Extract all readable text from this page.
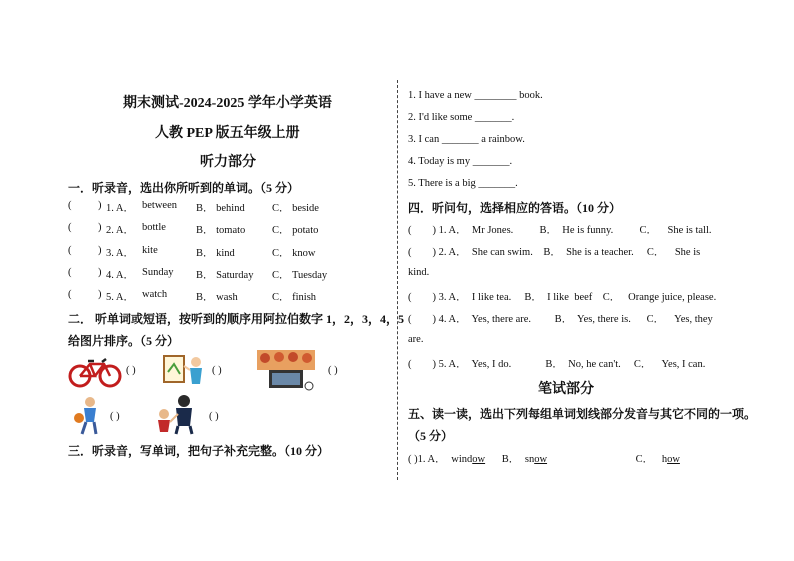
期末测试-2024-2025 学年小学英语
人教 PEP 版五年级上册
听力部分
一．听录音，选出你所听到的单词。（5 分）
(	) 1. A． between B． behind	C． beside
(	) 2. A． bottle	B． tomato	C． potato
(	) 3. A． kite	B． kind	C． know
(	) 4. A． Sunday B． Saturday C． Tuesday
(	) 5. A． watch	B． wash	C． finish
二． 听单词或短语，按听到的顺序用阿拉伯数字 1，2，3，4，5
给图片排序。（5 分）
( )	( )	( )
( )	( )
三．听录音，写单词，把句子补充完整。（10 分）
1. I have a new ________ book.
2. I'd like some _______.
3. I can _______ a rainbow.
4. Today is my _______.
5. There is a big _______.
四．听问句，选择相应的答语。（10 分）
(        ) 1. A．  Mr Jones.          B．  He is funny.          C．    She is tall.
(        ) 2. A．  She can swim.    B．  She is a teacher.     C．    She is
kind.
(        ) 3. A．  I like tea.     B．  I like  beef    C．   Orange juice, please.
(        ) 4. A．  Yes, there are.         B．  Yes, there is.      C．    Yes, they
are.
(        ) 5. A．  Yes, I do.             B．  No, he can't.     C．    Yes, I can.
笔试部分
五、读一读，选出下列每组单词划线部分发音与其它不同的一项。
（5 分）
( )1. A． window B． snow	C． how
